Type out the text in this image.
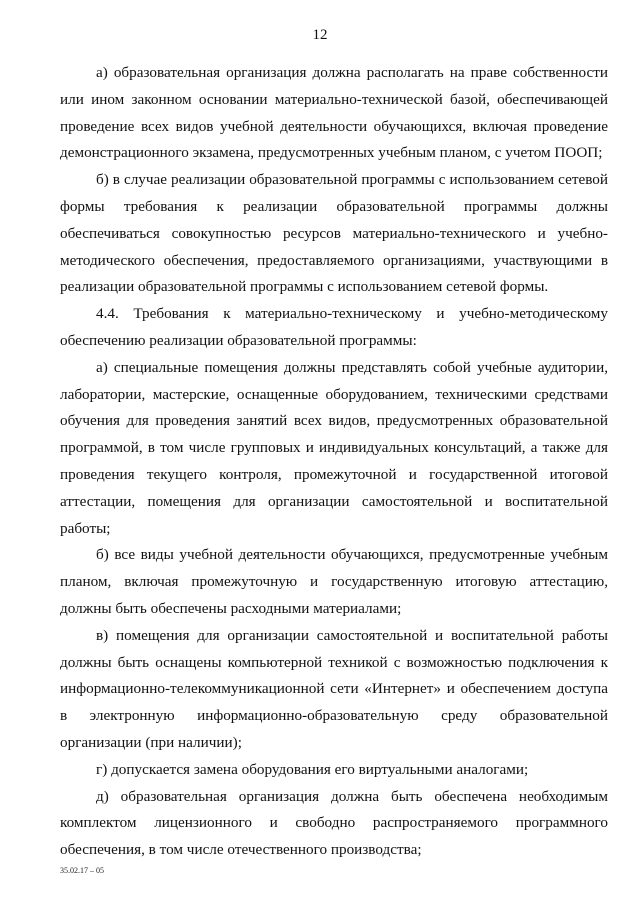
12

а) образовательная организация должна располагать на праве собственности или ином законном основании материально-технической базой, обеспечивающей проведение всех видов учебной деятельности обучающихся, включая проведение демонстрационного экзамена, предусмотренных учебным планом, с учетом ПООП;

б) в случае реализации образовательной программы с использованием сетевой формы требования к реализации образовательной программы должны обеспечиваться совокупностью ресурсов материально-технического и учебно-методического обеспечения, предоставляемого организациями, участвующими в реализации образовательной программы с использованием сетевой формы.

4.4. Требования к материально-техническому и учебно-методическому обеспечению реализации образовательной программы:

а) специальные помещения должны представлять собой учебные аудитории, лаборатории, мастерские, оснащенные оборудованием, техническими средствами обучения для проведения занятий всех видов, предусмотренных образовательной программой, в том числе групповых и индивидуальных консультаций, а также для проведения текущего контроля, промежуточной и государственной итоговой аттестации, помещения для организации самостоятельной и воспитательной работы;

б) все виды учебной деятельности обучающихся, предусмотренные учебным планом, включая промежуточную и государственную итоговую аттестацию, должны быть обеспечены расходными материалами;

в) помещения для организации самостоятельной и воспитательной работы должны быть оснащены компьютерной техникой с возможностью подключения к информационно-телекоммуникационной сети «Интернет» и обеспечением доступа в электронную информационно-образовательную среду образовательной организации (при наличии);

г) допускается замена оборудования его виртуальными аналогами;

д) образовательная организация должна быть обеспечена необходимым комплектом лицензионного и свободно распространяемого программного обеспечения, в том числе отечественного производства;

35.02.17 – 05
